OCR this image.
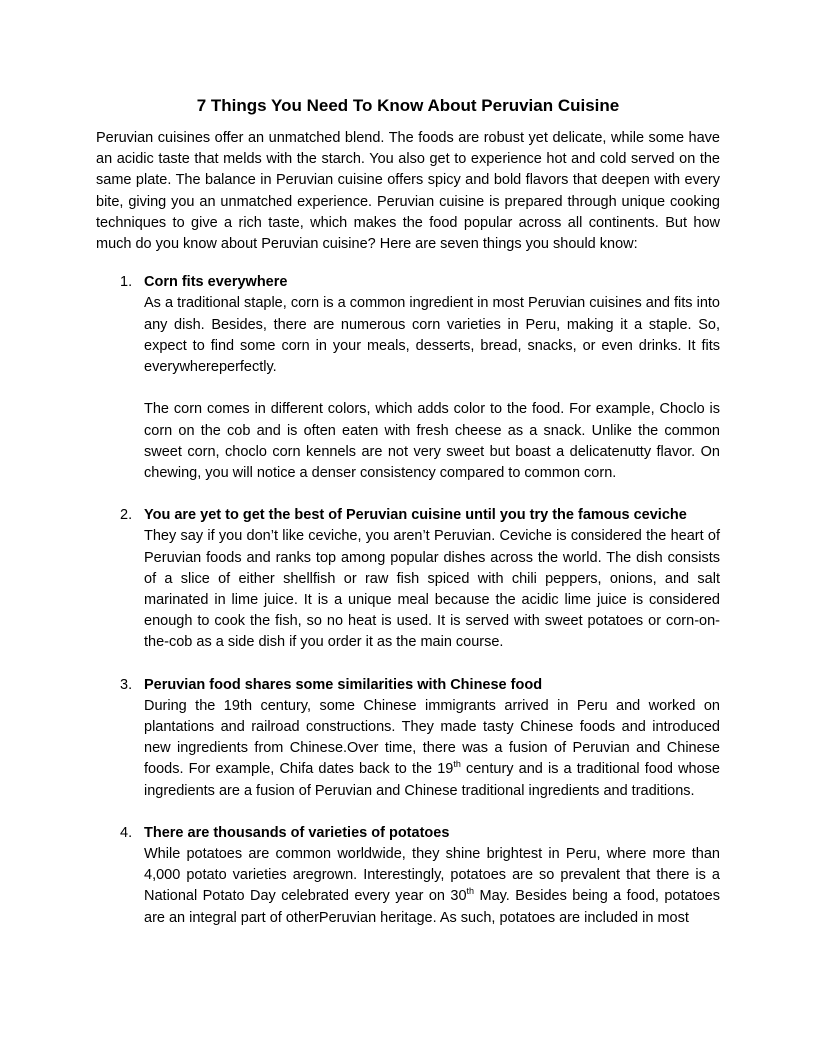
7 Things You Need To Know About Peruvian Cuisine

Peruvian cuisines offer an unmatched blend. The foods are robust yet delicate, while some have an acidic taste that melds with the starch. You also get to experience hot and cold served on the same plate. The balance in Peruvian cuisine offers spicy and bold flavors that deepen with every bite, giving you an unmatched experience. Peruvian cuisine is prepared through unique cooking techniques to give a rich taste, which makes the food popular across all continents. But how much do you know about Peruvian cuisine? Here are seven things you should know:

1. Corn fits everywhere

As a traditional staple, corn is a common ingredient in most Peruvian cuisines and fits into any dish. Besides, there are numerous corn varieties in Peru, making it a staple. So, expect to find some corn in your meals, desserts, bread, snacks, or even drinks. It fits everywhereperfectly.

The corn comes in different colors, which adds color to the food. For example, Choclo is corn on the cob and is often eaten with fresh cheese as a snack. Unlike the common sweet corn, choclo corn kennels are not very sweet but boast a delicatenutty flavor. On chewing, you will notice a denser consistency compared to common corn.

2. You are yet to get the best of Peruvian cuisine until you try the famous ceviche

They say if you don’t like ceviche, you aren’t Peruvian. Ceviche is considered the heart of Peruvian foods and ranks top among popular dishes across the world. The dish consists of a slice of either shellfish or raw fish spiced with chili peppers, onions, and salt marinated in lime juice. It is a unique meal because the acidic lime juice is considered enough to cook the fish, so no heat is used. It is served with sweet potatoes or corn-on-the-cob as a side dish if you order it as the main course.

3. Peruvian food shares some similarities with Chinese food

During the 19th century, some Chinese immigrants arrived in Peru and worked on plantations and railroad constructions. They made tasty Chinese foods and introduced new ingredients from Chinese.Over time, there was a fusion of Peruvian and Chinese foods. For example, Chifa dates back to the 19th century and is a traditional food whose ingredients are a fusion of Peruvian and Chinese traditional ingredients and traditions.

4. There are thousands of varieties of potatoes

While potatoes are common worldwide, they shine brightest in Peru, where more than 4,000 potato varieties aregrown. Interestingly, potatoes are so prevalent that there is a National Potato Day celebrated every year on 30th May. Besides being a food, potatoes are an integral part of otherPeruvian heritage. As such, potatoes are included in most
